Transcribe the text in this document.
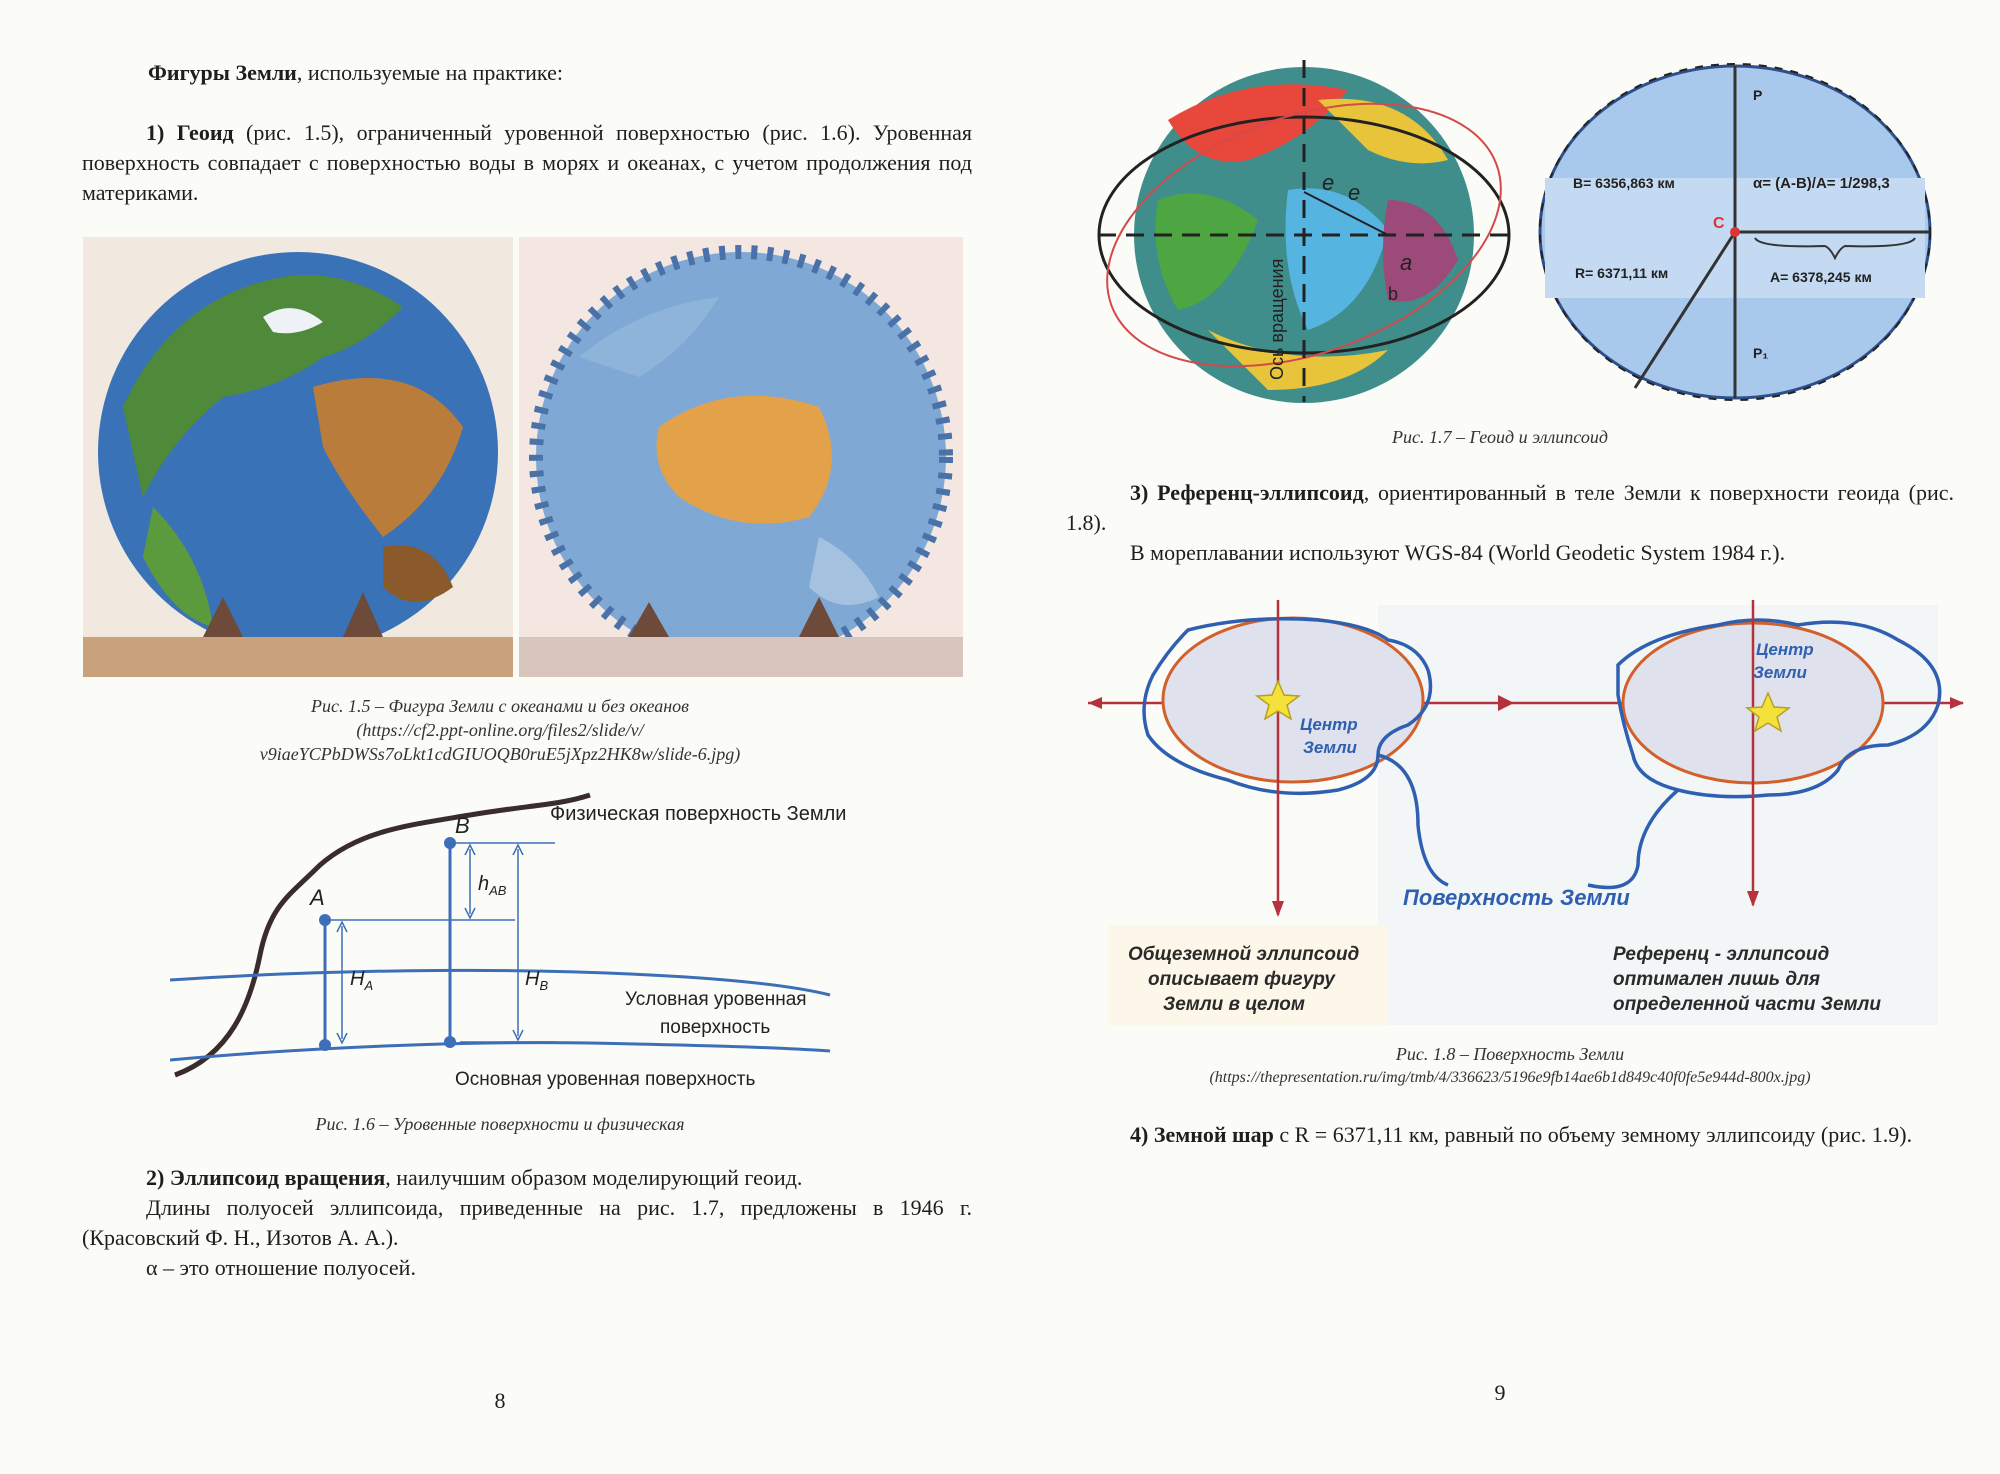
Фигуры Земли, используемые на практике:
1) Геоид (рис. 1.5), ограниченный уровенной поверхностью (рис. 1.6). Уровенная поверхность совпадает с поверхностью воды в морях и океанах, с учетом продолжения под материками.
Рис. 1.5 – Фигура Земли с океанами и без океанов
(https://cf2.ppt-online.org/files2/slide/v/
v9iaeYCPbDWSs7oLkt1cdGIUOQB0ruE5jXpz2HK8w/slide-6.jpg)
Физическая поверхность Земли
B
A
$h_{AB}$
$H_A$	$H_B$
Условная уровенная
поверхность
Основная уровенная поверхность
Рис. 1.6 – Уровенные поверхности и физическая
2) Эллипсоид вращения, наилучшим образом моделирующий геоид.
Длины полуосей эллипсоида, приведенные на рис. 1.7, предложены в 1946 г. (Красовский Ф. Н., Изотов А. А.).
α – это отношение полуосей.
8
Ось вращения
e e
a
b
C
P
P₁
B= 6356,863 км	α= (A-B)/A= 1/298,3
R= 6371,11 км	A= 6378,245 км
Рис. 1.7 – Геоид и эллипсоид
3) Референц-эллипсоид, ориентированный в теле Земли к поверхности геоида (рис. 1.8).
В мореплавании используют WGS-84 (World Geodetic System 1984 г.).
Центр
Земли
Центр
Земли
Поверхность Земли
Общеземной эллипсоид
описывает фигуру
Земли в целом
Референц - эллипсоид
оптимален лишь для
определенной части Земли
Рис. 1.8 – Поверхность Земли
(https://thepresentation.ru/img/tmb/4/336623/5196e9fb14ae6b1d849c40f0fe5e944d-800x.jpg)
4) Земной шар с R = 6371,11 км, равный по объему земному эллипсоиду (рис. 1.9).
9
